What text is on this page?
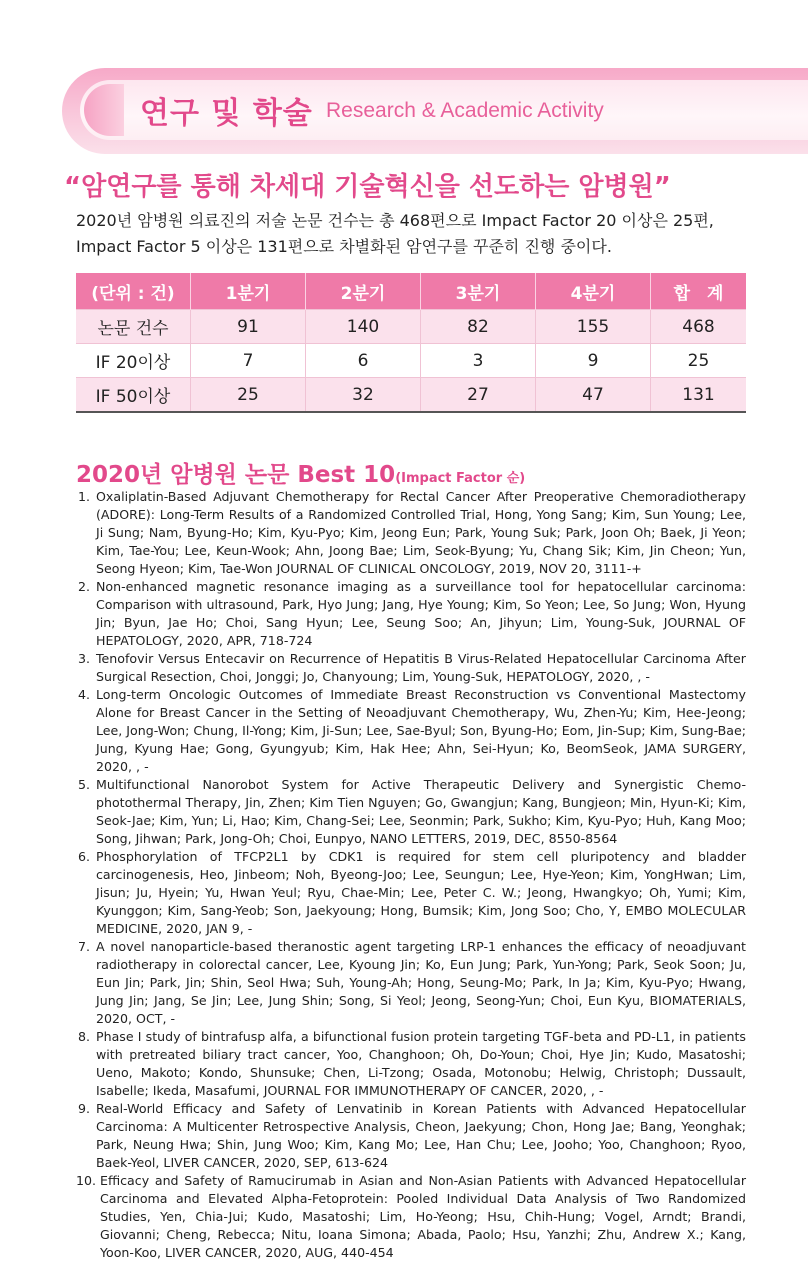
연구 및 학술 Research & Academic Activity
“암연구를 통해 차세대 기술혁신을 선도하는 암병원”

2020년 암병원 의료진의 저술 논문 건수는 총 468편으로 Impact Factor 20 이상은 25편,

Impact Factor 5 이상은 131편으로 차별화된 암연구를 꾸준히 진행 중이다.

(단위 : 건)	1분기	2분기	3분기	4분기	합　계
논문 건수	91	140	82	155	468
IF 20이상	7	6	3	9	25
IF 50이상	25	32	27	47	131
2020년 암병원 논문 Best 10(Impact Factor 순)
1. Oxaliplatin-Based Adjuvant Chemotherapy for Rectal Cancer After Preoperative Chemoradiotherapy (ADORE): Long-Term Results of a Randomized Controlled Trial, Hong, Yong Sang; Kim, Sun Young; Lee, Ji Sung; Nam, Byung-Ho; Kim, Kyu-Pyo; Kim, Jeong Eun; Park, Young Suk; Park, Joon Oh; Baek, Ji Yeon; Kim, Tae-You; Lee, Keun-Wook; Ahn, Joong Bae; Lim, Seok-Byung; Yu, Chang Sik; Kim, Jin Cheon; Yun, Seong Hyeon; Kim, Tae-Won JOURNAL OF CLINICAL ONCOLOGY, 2019, NOV 20, 3111-+
2. Non-enhanced magnetic resonance imaging as a surveillance tool for hepatocellular carcinoma: Comparison with ultrasound, Park, Hyo Jung; Jang, Hye Young; Kim, So Yeon; Lee, So Jung; Won, Hyung Jin; Byun, Jae Ho; Choi, Sang Hyun; Lee, Seung Soo; An, Jihyun; Lim, Young-Suk, JOURNAL OF HEPATOLOGY, 2020, APR, 718-724
3. Tenofovir Versus Entecavir on Recurrence of Hepatitis B Virus-Related Hepatocellular Carcinoma After Surgical Resection, Choi, Jonggi; Jo, Chanyoung; Lim, Young-Suk, HEPATOLOGY, 2020, , -
4. Long-term Oncologic Outcomes of Immediate Breast Reconstruction vs Conventional Mastectomy Alone for Breast Cancer in the Setting of Neoadjuvant Chemotherapy, Wu, Zhen-Yu; Kim, Hee-Jeong; Lee, Jong-Won; Chung, Il-Yong; Kim, Ji-Sun; Lee, Sae-Byul; Son, Byung-Ho; Eom, Jin-Sup; Kim, Sung-Bae; Jung, Kyung Hae; Gong, Gyungyub; Kim, Hak Hee; Ahn, Sei-Hyun; Ko, BeomSeok, JAMA SURGERY, 2020, , -
5. Multifunctional Nanorobot System for Active Therapeutic Delivery and Synergistic Chemo-photothermal Therapy, Jin, Zhen; Kim Tien Nguyen; Go, Gwangjun; Kang, Bungjeon; Min, Hyun-Ki; Kim, Seok-Jae; Kim, Yun; Li, Hao; Kim, Chang-Sei; Lee, Seonmin; Park, Sukho; Kim, Kyu-Pyo; Huh, Kang Moo; Song, Jihwan; Park, Jong-Oh; Choi, Eunpyo, NANO LETTERS, 2019, DEC, 8550-8564
6. Phosphorylation of TFCP2L1 by CDK1 is required for stem cell pluripotency and bladder carcinogenesis, Heo, Jinbeom; Noh, Byeong-Joo; Lee, Seungun; Lee, Hye-Yeon; Kim, YongHwan; Lim, Jisun; Ju, Hyein; Yu, Hwan Yeul; Ryu, Chae-Min; Lee, Peter C. W.; Jeong, Hwangkyo; Oh, Yumi; Kim, Kyunggon; Kim, Sang-Yeob; Son, Jaekyoung; Hong, Bumsik; Kim, Jong Soo; Cho, Y, EMBO MOLECULAR MEDICINE, 2020, JAN 9, -
7. A novel nanoparticle-based theranostic agent targeting LRP-1 enhances the efficacy of neoadjuvant radiotherapy in colorectal cancer, Lee, Kyoung Jin; Ko, Eun Jung; Park, Yun-Yong; Park, Seok Soon; Ju, Eun Jin; Park, Jin; Shin, Seol Hwa; Suh, Young-Ah; Hong, Seung-Mo; Park, In Ja; Kim, Kyu-Pyo; Hwang, Jung Jin; Jang, Se Jin; Lee, Jung Shin; Song, Si Yeol; Jeong, Seong-Yun; Choi, Eun Kyu, BIOMATERIALS, 2020, OCT, -
8. Phase I study of bintrafusp alfa, a bifunctional fusion protein targeting TGF-beta and PD-L1, in patients with pretreated biliary tract cancer, Yoo, Changhoon; Oh, Do-Youn; Choi, Hye Jin; Kudo, Masatoshi; Ueno, Makoto; Kondo, Shunsuke; Chen, Li-Tzong; Osada, Motonobu; Helwig, Christoph; Dussault, Isabelle; Ikeda, Masafumi, JOURNAL FOR IMMUNOTHERAPY OF CANCER, 2020, , -
9. Real-World Efficacy and Safety of Lenvatinib in Korean Patients with Advanced Hepatocellular Carcinoma: A Multicenter Retrospective Analysis, Cheon, Jaekyung; Chon, Hong Jae; Bang, Yeonghak; Park, Neung Hwa; Shin, Jung Woo; Kim, Kang Mo; Lee, Han Chu; Lee, Jooho; Yoo, Changhoon; Ryoo, Baek-Yeol, LIVER CANCER, 2020, SEP, 613-624
10. Efficacy and Safety of Ramucirumab in Asian and Non-Asian Patients with Advanced Hepatocellular Carcinoma and Elevated Alpha-Fetoprotein: Pooled Individual Data Analysis of Two Randomized Studies, Yen, Chia-Jui; Kudo, Masatoshi; Lim, Ho-Yeong; Hsu, Chih-Hung; Vogel, Arndt; Brandi, Giovanni; Cheng, Rebecca; Nitu, Ioana Simona; Abada, Paolo; Hsu, Yanzhi; Zhu, Andrew X.; Kang, Yoon-Koo, LIVER CANCER, 2020, AUG, 440-454
